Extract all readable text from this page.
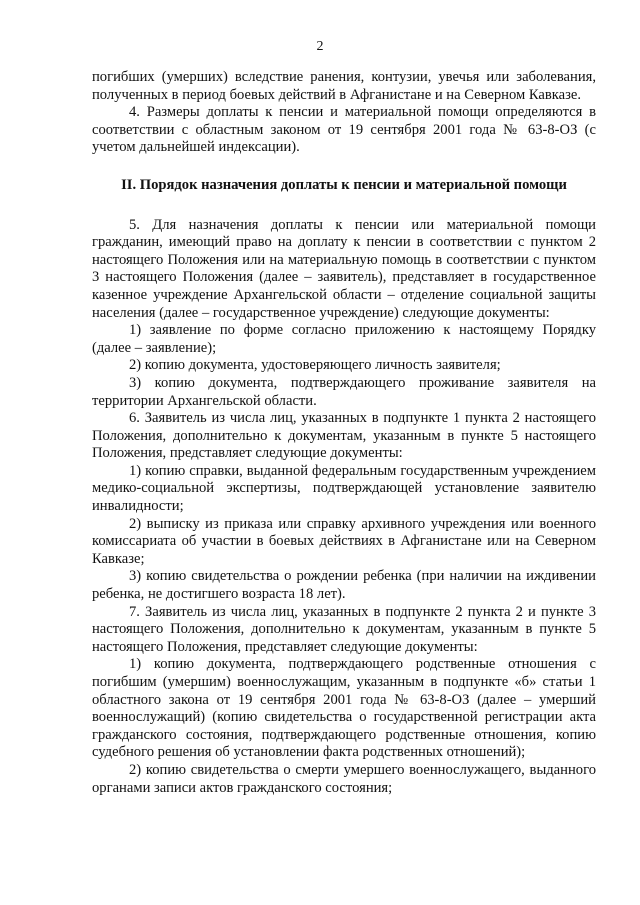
2

погибших (умерших) вследствие ранения, контузии, увечья или заболевания, полученных в период боевых действий в Афганистане и на Северном Кавказе.

4. Размеры доплаты к пенсии и материальной помощи определяются в соответствии с областным законом от 19 сентября 2001 года № 63-8-ОЗ (с учетом дальнейшей индексации).

II. Порядок назначения доплаты к пенсии и материальной помощи

5. Для назначения доплаты к пенсии или материальной помощи гражданин, имеющий право на доплату к пенсии в соответствии с пунктом 2 настоящего Положения или на материальную помощь в соответствии с пунктом 3 настоящего Положения (далее – заявитель), представляет в государственное казенное учреждение Архангельской области – отделение социальной защиты населения (далее – государственное учреждение) следующие документы:

1) заявление по форме согласно приложению к настоящему Порядку (далее – заявление);

2) копию документа, удостоверяющего личность заявителя;

3) копию документа, подтверждающего проживание заявителя на территории Архангельской области.

6. Заявитель из числа лиц, указанных в подпункте 1 пункта 2 настоящего Положения, дополнительно к документам, указанным в пункте 5 настоящего Положения, представляет следующие документы:

1) копию справки, выданной федеральным государственным учреждением медико-социальной экспертизы, подтверждающей установление заявителю инвалидности;

2) выписку из приказа или справку архивного учреждения или военного комиссариата об участии в боевых действиях в Афганистане или на Северном Кавказе;

3) копию свидетельства о рождении ребенка (при наличии на иждивении ребенка, не достигшего возраста 18 лет).

7. Заявитель из числа лиц, указанных в подпункте 2 пункта 2 и пункте 3 настоящего Положения, дополнительно к документам, указанным в пункте 5 настоящего Положения, представляет следующие документы:

1) копию документа, подтверждающего родственные отношения с погибшим (умершим) военнослужащим, указанным в подпункте «б» статьи 1 областного закона от 19 сентября 2001 года № 63-8-ОЗ (далее – умерший военнослужащий) (копию свидетельства о государственной регистрации акта гражданского состояния, подтверждающего родственные отношения, копию судебного решения об установлении факта родственных отношений);

2) копию свидетельства о смерти умершего военнослужащего, выданного органами записи актов гражданского состояния;
